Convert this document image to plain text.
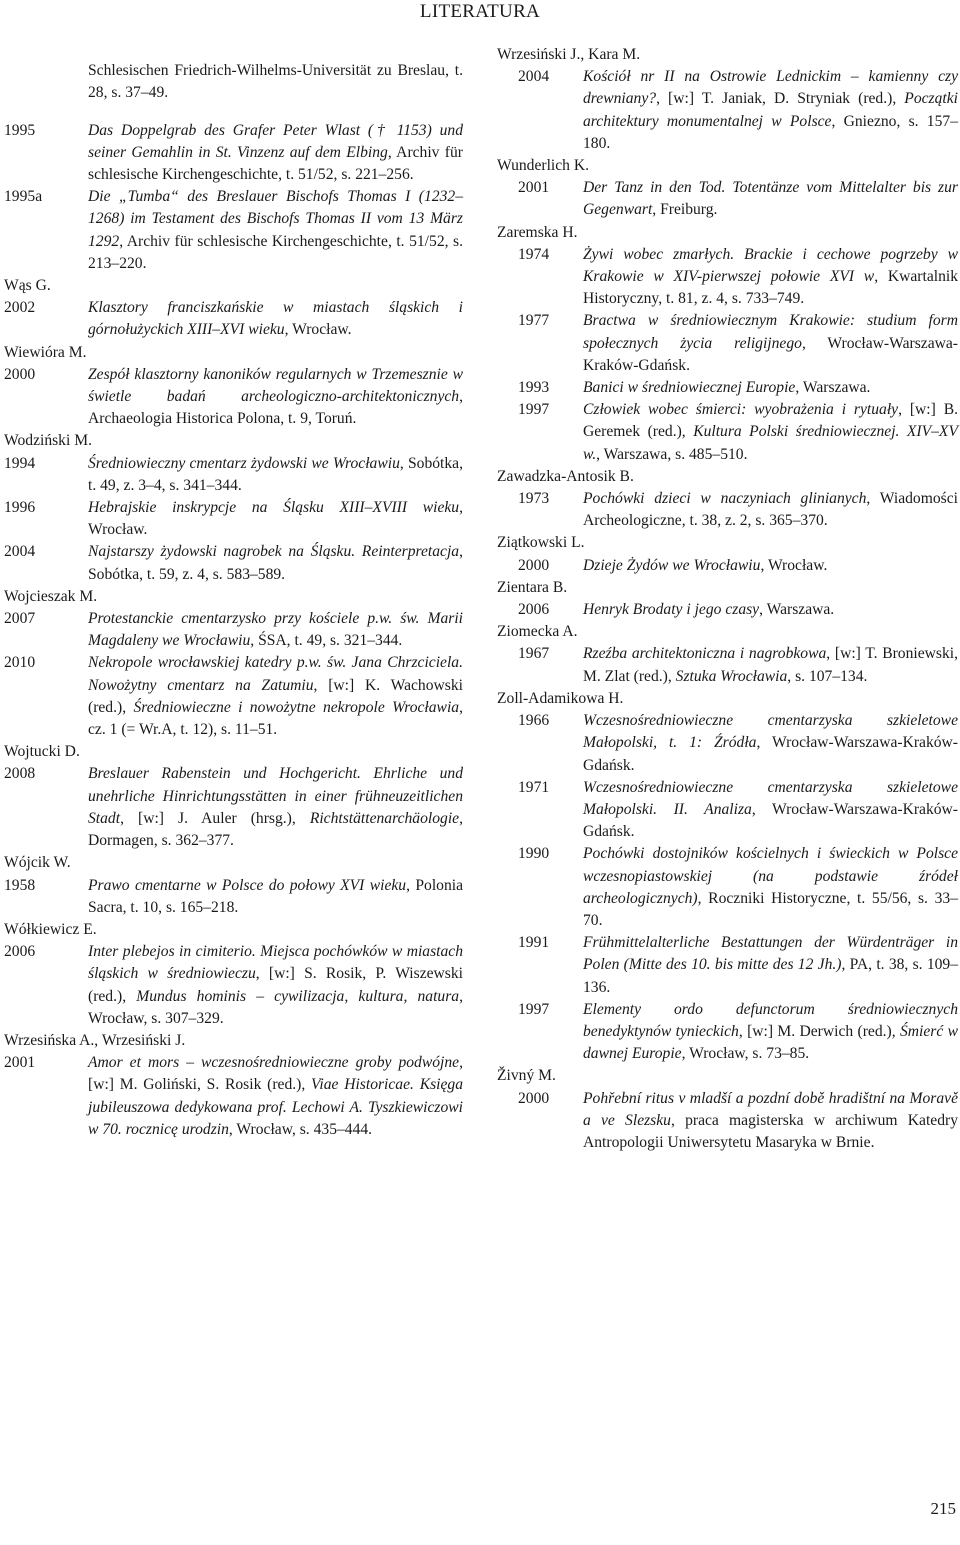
LITERATURA

Schlesischen Friedrich-Wilhelms-Universität zu Breslau, t. 28, s. 37–49.

1995	Das Doppelgrab des Grafer Peter Wlast († 1153) und seiner Gemahlin in St. Vinzenz auf dem Elbing, Archiv für schlesische Kirchengeschichte, t. 51/52, s. 221–256.
1995a	Die „Tumba“ des Breslauer Bischofs Thomas I (1232–1268) im Testament des Bischofs Thomas II vom 13 März 1292, Archiv für schlesische Kirchengeschichte, t. 51/52, s. 213–220.

Wąs G.

2002	Klasztory franciszkańskie w miastach śląskich i górnołużyckich XIII–XVI wieku, Wrocław.

Wiewióra M.

2000	Zespół klasztorny kanoników regularnych w Trzemesznie w świetle badań archeologiczno-architektonicznych, Archaeologia Historica Polona, t. 9, Toruń.

Wodziński M.

1994	Średniowieczny cmentarz żydowski we Wrocławiu, Sobótka, t. 49, z. 3–4, s. 341–344.
1996	Hebrajskie inskrypcje na Śląsku XIII–XVIII wieku, Wrocław.
2004	Najstarszy żydowski nagrobek na Śląsku. Reinterpretacja, Sobótka, t. 59, z. 4, s. 583–589.

Wojcieszak M.

2007	Protestanckie cmentarzysko przy kościele p.w. św. Marii Magdaleny we Wrocławiu, ŚSA, t. 49, s. 321–344.
2010	Nekropole wrocławskiej katedry p.w. św. Jana Chrzciciela. Nowożytny cmentarz na Zatumiu, [w:] K. Wachowski (red.), Średniowieczne i nowożytne nekropole Wrocławia, cz. 1 (= Wr.A, t. 12), s. 11–51.

Wojtucki D.

2008	Breslauer Rabenstein und Hochgericht. Ehrliche und unehrliche Hinrichtungsstätten in einer frühneuzeitlichen Stadt, [w:] J. Auler (hrsg.), Richtstättenarchäologie, Dormagen, s. 362–377.

Wójcik W.

1958	Prawo cmentarne w Polsce do połowy XVI wieku, Polonia Sacra, t. 10, s. 165–218.

Wółkiewicz E.

2006	Inter plebejos in cimiterio. Miejsca pochówków w miastach śląskich w średniowieczu, [w:] S. Rosik, P. Wiszewski (red.), Mundus hominis – cywilizacja, kultura, natura, Wrocław, s. 307–329.

Wrzesińska A., Wrzesiński J.

2001	Amor et mors – wczesnośredniowieczne groby podwójne, [w:] M. Goliński, S. Rosik (red.), Viae Historicae. Księga jubileuszowa dedykowana prof. Lechowi A. Tyszkiewiczowi w 70. rocznicę urodzin, Wrocław, s. 435–444.

Wrzesiński J., Kara M.

2004	Kościół nr II na Ostrowie Lednickim – kamienny czy drewniany?, [w:] T. Janiak, D. Stryniak (red.), Początki architektury monumentalnej w Polsce, Gniezno, s. 157–180.

Wunderlich K.

2001	Der Tanz in den Tod. Totentänze vom Mittelalter bis zur Gegenwart, Freiburg.

Zaremska H.

1974	Żywi wobec zmarłych. Brackie i cechowe pogrzeby w Krakowie w XIV-pierwszej połowie XVI w, Kwartalnik Historyczny, t. 81, z. 4, s. 733–749.
1977	Bractwa w średniowiecznym Krakowie: studium form społecznych życia religijnego, Wrocław-Warszawa-Kraków-Gdańsk.
1993	Banici w średniowiecznej Europie, Warszawa.
1997	Człowiek wobec śmierci: wyobrażenia i rytuały, [w:] B. Geremek (red.), Kultura Polski średniowiecznej. XIV–XV w., Warszawa, s. 485–510.

Zawadzka-Antosik B.

1973	Pochówki dzieci w naczyniach glinianych, Wiadomości Archeologiczne, t. 38, z. 2, s. 365–370.

Ziątkowski L.

2000	Dzieje Żydów we Wrocławiu, Wrocław.

Zientara B.

2006	Henryk Brodaty i jego czasy, Warszawa.

Ziomecka A.

1967	Rzeźba architektoniczna i nagrobkowa, [w:] T. Broniewski, M. Zlat (red.), Sztuka Wrocławia, s. 107–134.

Zoll-Adamikowa H.

1966	Wczesnośredniowieczne cmentarzyska szkieletowe Małopolski, t. 1: Źródła, Wrocław-Warszawa-Kraków-Gdańsk.
1971	Wczesnośredniowieczne cmentarzyska szkieletowe Małopolski. II. Analiza, Wrocław-Warszawa-Kraków-Gdańsk.
1990	Pochówki dostojników kościelnych i świeckich w Polsce wczesnopiastowskiej (na podstawie źródeł archeologicznych), Roczniki Historyczne, t. 55/56, s. 33–70.
1991	Frühmittelalterliche Bestattungen der Würdenträger in Polen (Mitte des 10. bis mitte des 12 Jh.), PA, t. 38, s. 109–136.
1997	Elementy ordo defunctorum średniowiecznych benedyktynów tynieckich, [w:] M. Derwich (red.), Śmierć w dawnej Europie, Wrocław, s. 73–85.

Živný M.

2000	Pohřební ritus v mladší a pozdní době hradištní na Moravě a ve Slezsku, praca magisterska w archiwum Katedry Antropologii Uniwersytetu Masaryka w Brnie.
215
